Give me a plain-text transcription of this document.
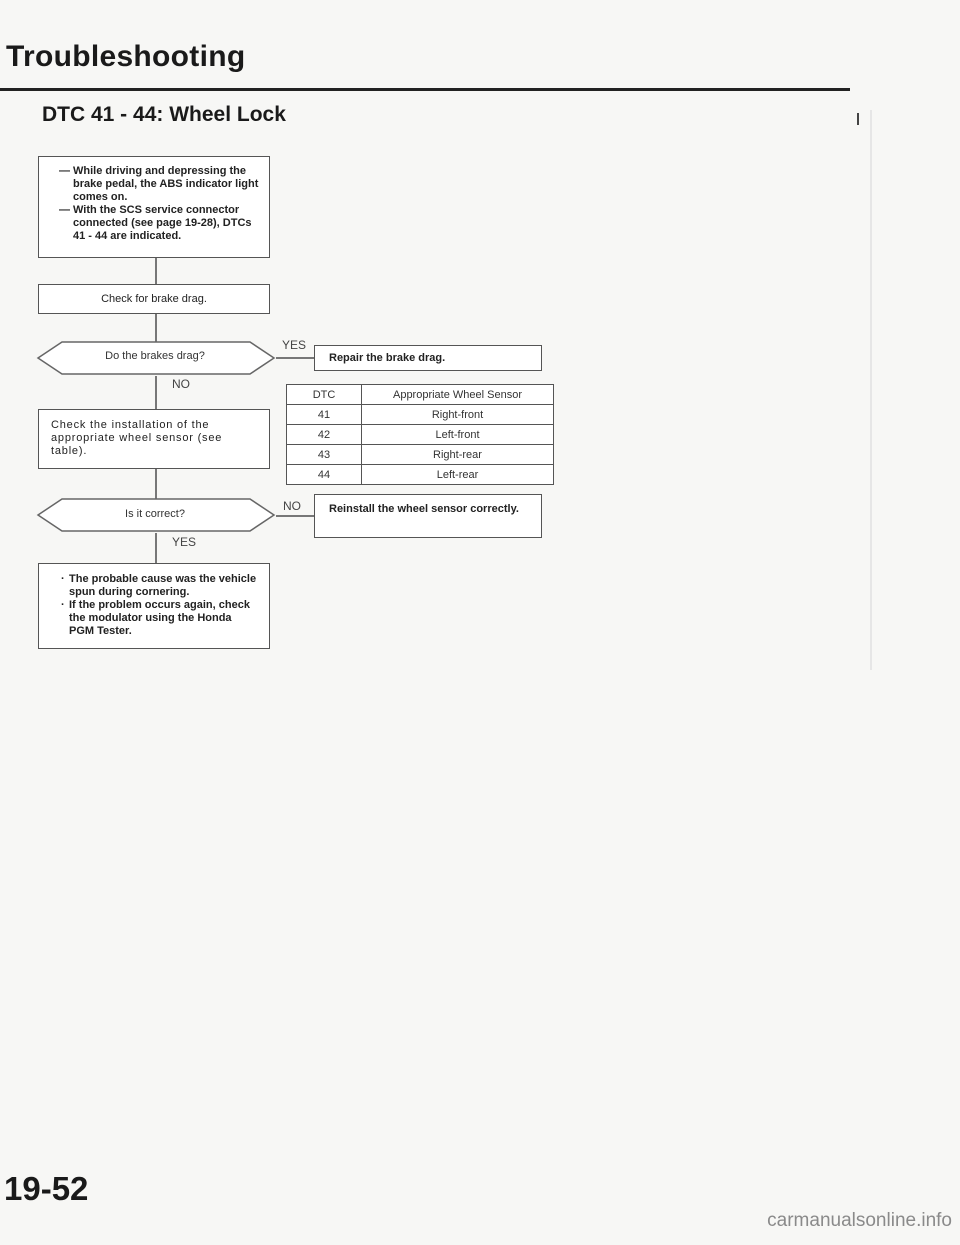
Troubleshooting
DTC 41 - 44: Wheel Lock
— While driving and depressing the brake pedal, the ABS indicator light comes on.
— With the SCS service connector connected (see page 19-28), DTCs 41 - 44 are indicated.
Check for brake drag.
Do the brakes drag?
YES
Repair the brake drag.
NO
Check the installation of the appropriate wheel sensor (see table).
Is it correct?
NO	Reinstall the wheel sensor correctly.
YES
· The probable cause was the vehicle spun during cornering.
· If the problem occurs again, check the modulator using the Honda PGM Tester.
DTC	Appropriate Wheel Sensor
41	Right-front
42	Left-front
43	Right-rear
44	Left-rear
19-52
carmanualsonline.info
